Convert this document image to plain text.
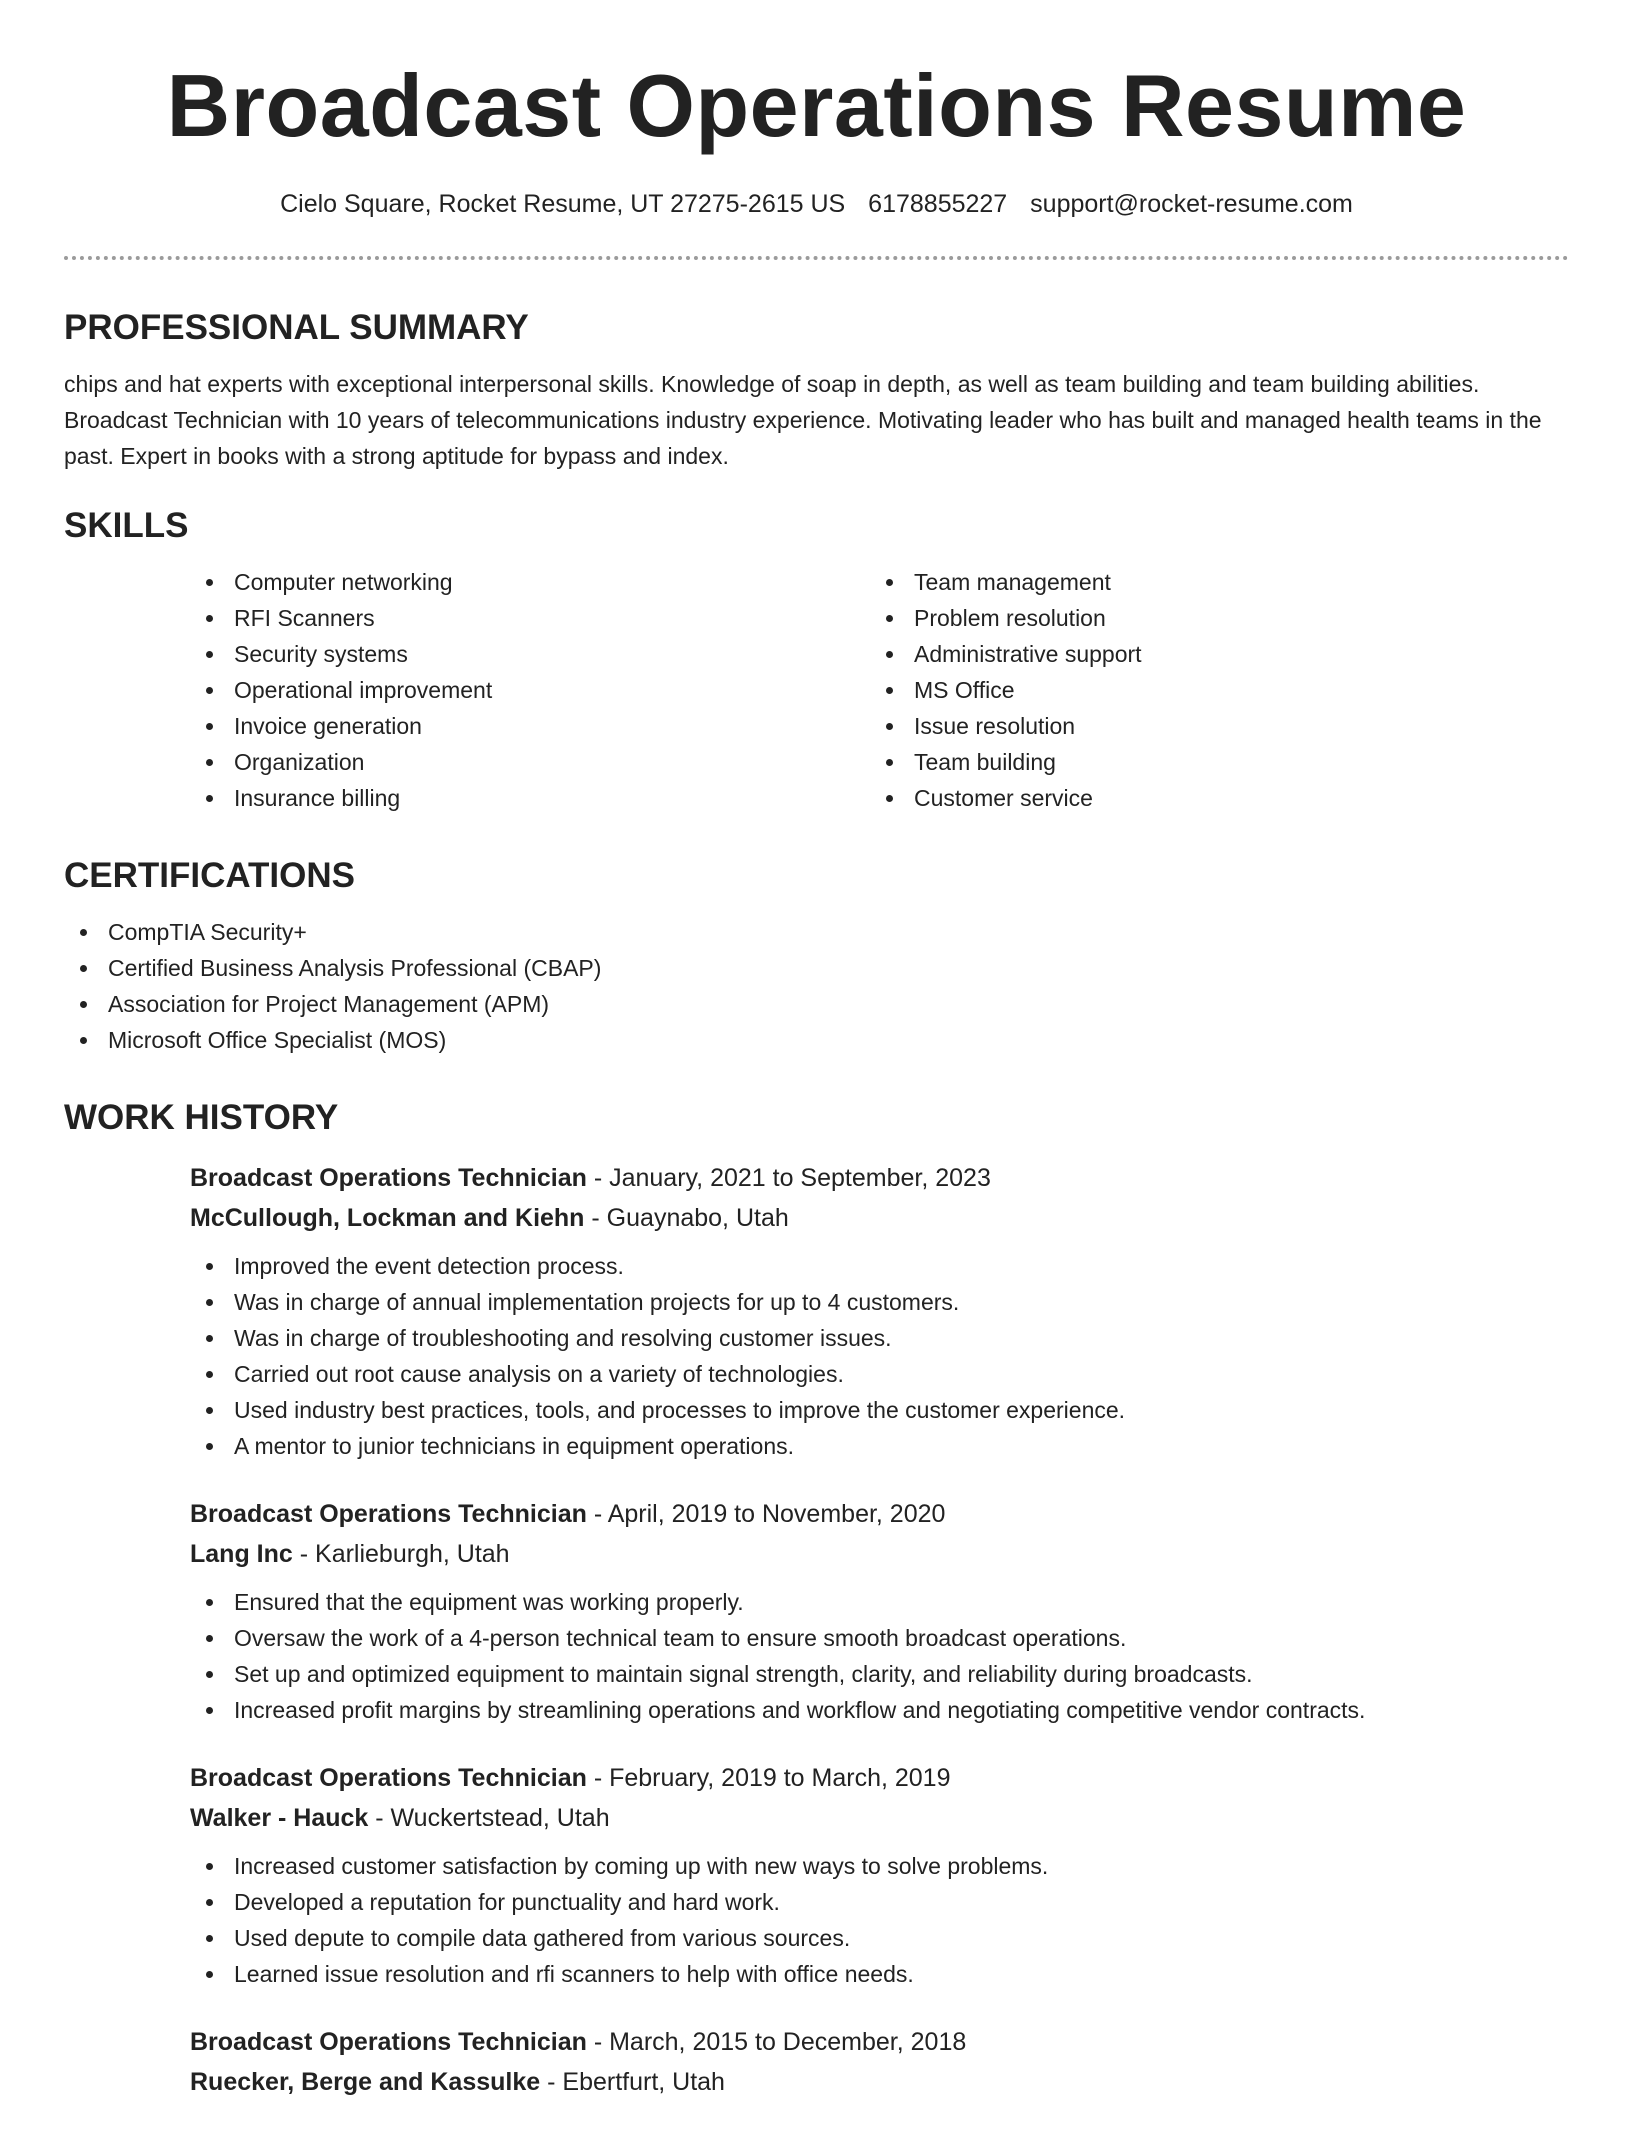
Broadcast Operations Resume
Cielo Square, Rocket Resume, UT 27275-2615 US 6178855227 support@rocket-resume.com
PROFESSIONAL SUMMARY

chips and hat experts with exceptional interpersonal skills. Knowledge of soap in depth, as well as team building and team building abilities. Broadcast Technician with 10 years of telecommunications industry experience. Motivating leader who has built and managed health teams in the past. Expert in books with a strong aptitude for bypass and index.

SKILLS
Computer networking
RFI Scanners
Security systems
Operational improvement
Invoice generation
Organization
Insurance billing
Team management
Problem resolution
Administrative support
MS Office
Issue resolution
Team building
Customer service
CERTIFICATIONS
CompTIA Security+
Certified Business Analysis Professional (CBAP)
Association for Project Management (APM)
Microsoft Office Specialist (MOS)
WORK HISTORY
Broadcast Operations Technician - January, 2021 to September, 2023
McCullough, Lockman and Kiehn - Guaynabo, Utah
Improved the event detection process.
Was in charge of annual implementation projects for up to 4 customers.
Was in charge of troubleshooting and resolving customer issues.
Carried out root cause analysis on a variety of technologies.
Used industry best practices, tools, and processes to improve the customer experience.
A mentor to junior technicians in equipment operations.
Broadcast Operations Technician - April, 2019 to November, 2020
Lang Inc - Karlieburgh, Utah
Ensured that the equipment was working properly.
Oversaw the work of a 4-person technical team to ensure smooth broadcast operations.
Set up and optimized equipment to maintain signal strength, clarity, and reliability during broadcasts.
Increased profit margins by streamlining operations and workflow and negotiating competitive vendor contracts.
Broadcast Operations Technician - February, 2019 to March, 2019
Walker - Hauck - Wuckertstead, Utah
Increased customer satisfaction by coming up with new ways to solve problems.
Developed a reputation for punctuality and hard work.
Used depute to compile data gathered from various sources.
Learned issue resolution and rfi scanners to help with office needs.
Broadcast Operations Technician - March, 2015 to December, 2018
Ruecker, Berge and Kassulke - Ebertfurt, Utah
